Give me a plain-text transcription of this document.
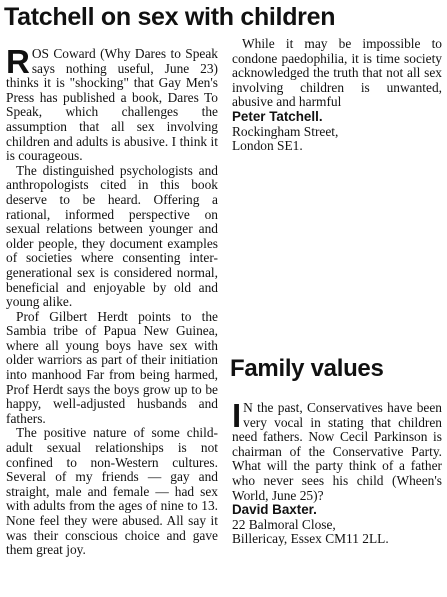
Tatchell on sex with children

ROS Coward (Why Dares to Speak says nothing useful, June 23) thinks it is "shocking" that Gay Men's Press has published a book, Dares To Speak, which challenges the assumption that all sex involving children and adults is abusive. I think it is courageous.

The distinguished psychologists and anthropologists cited in this book deserve to be heard. Offering a rational, informed perspective on sexual relations between younger and older people, they document examples of societies where consenting inter-generational sex is considered normal, beneficial and enjoyable by old and young alike.

Prof Gilbert Herdt points to the Sambia tribe of Papua New Guinea, where all young boys have sex with older warriors as part of their initiation into manhood Far from being harmed, Prof Herdt says the boys grow up to be happy, well-adjusted husbands and fathers.

The positive nature of some child-adult sexual relationships is not confined to non-Western cultures. Several of my friends — gay and straight, male and female — had sex with adults from the ages of nine to 13. None feel they were abused. All say it was their conscious choice and gave them great joy.

While it may be impossible to condone paedophilia, it is time society acknowledged the truth that not all sex involving children is unwanted, abusive and harmful

Peter Tatchell.
Rockingham Street,
London SE1.

Family values

I N the past, Conservatives have been very vocal in stating that children need fathers. Now Cecil Parkinson is chairman of the Conservative Party. What will the party think of a father who never sees his child (Wheen's World, June 25)?

David Baxter.
22 Balmoral Close,
Billericay, Essex CM11 2LL.
